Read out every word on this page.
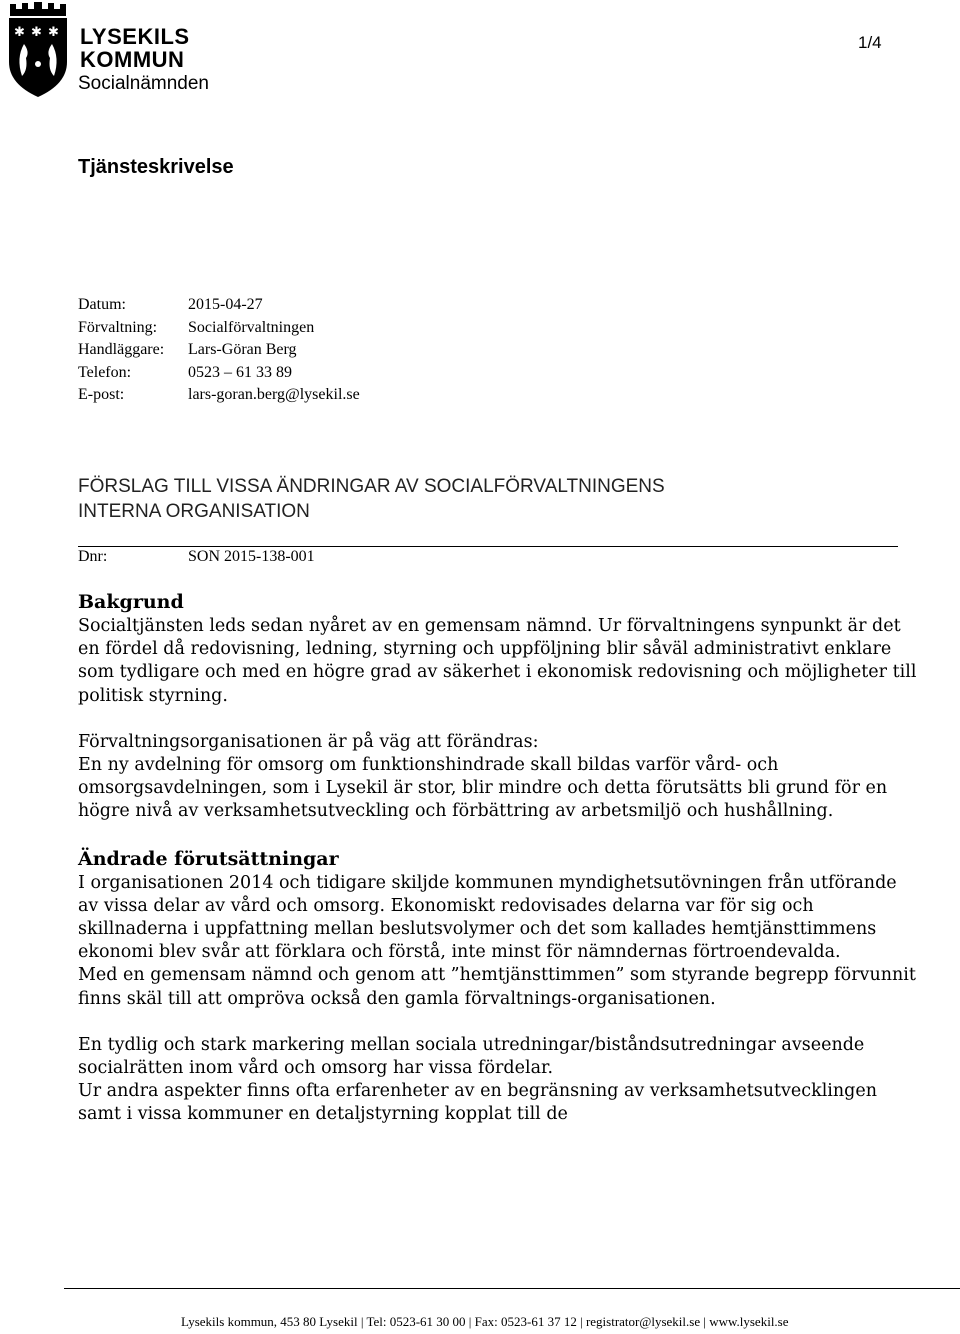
✱ ✱ ✱ LYSEKILS
KOMMUN
Socialnämnden
1/4
Tjänsteskrivelse
Datum:	2015-04-27
Förvaltning:	Socialförvaltningen
Handläggare:	Lars-Göran Berg
Telefon:	0523 – 61 33 89
E-post:	lars-goran.berg@lysekil.se
FÖRSLAG TILL VISSA ÄNDRINGAR AV SOCIALFÖRVALTNINGENS
INTERNA ORGANISATION
Dnr:	SON 2015-138-001
Bakgrund

Socialtjänsten leds sedan nyåret av en gemensam nämnd. Ur förvaltningens synpunkt är det en fördel då redovisning, ledning, styrning och uppföljning blir såväl administrativt enklare som tydligare och med en högre grad av säkerhet i ekonomisk redovisning och möjligheter till politisk styrning.

Förvaltningsorganisationen är på väg att förändras:

En ny avdelning för omsorg om funktionshindrade skall bildas varför vård- och omsorgsavdelningen, som i Lysekil är stor, blir mindre och detta förutsätts bli grund för en högre nivå av verksamhetsutveckling och förbättring av arbetsmiljö och hushållning.

Ändrade förutsättningar

I organisationen 2014 och tidigare skiljde kommunen myndighetsutövningen från utförande av vissa delar av vård och omsorg. Ekonomiskt redovisades delarna var för sig och skillnaderna i uppfattning mellan beslutsvolymer och det som kallades hemtjänsttimmens ekonomi blev svår att förklara och förstå, inte minst för nämndernas förtroendevalda.

Med en gemensam nämnd och genom att ”hemtjänsttimmen” som styrande begrepp förvunnit finns skäl till att ompröva också den gamla förvaltnings-organisationen.

En tydlig och stark markering mellan sociala utredningar/biståndsutredningar avseende socialrätten inom vård och omsorg har vissa fördelar.

Ur andra aspekter finns ofta erfarenheter av en begränsning av verksamhetsutvecklingen samt i vissa kommuner en detaljstyrning kopplat till de

Lysekils kommun, 453 80 Lysekil | Tel: 0523-61 30 00 | Fax: 0523-61 37 12 | registrator@lysekil.se | www.lysekil.se
